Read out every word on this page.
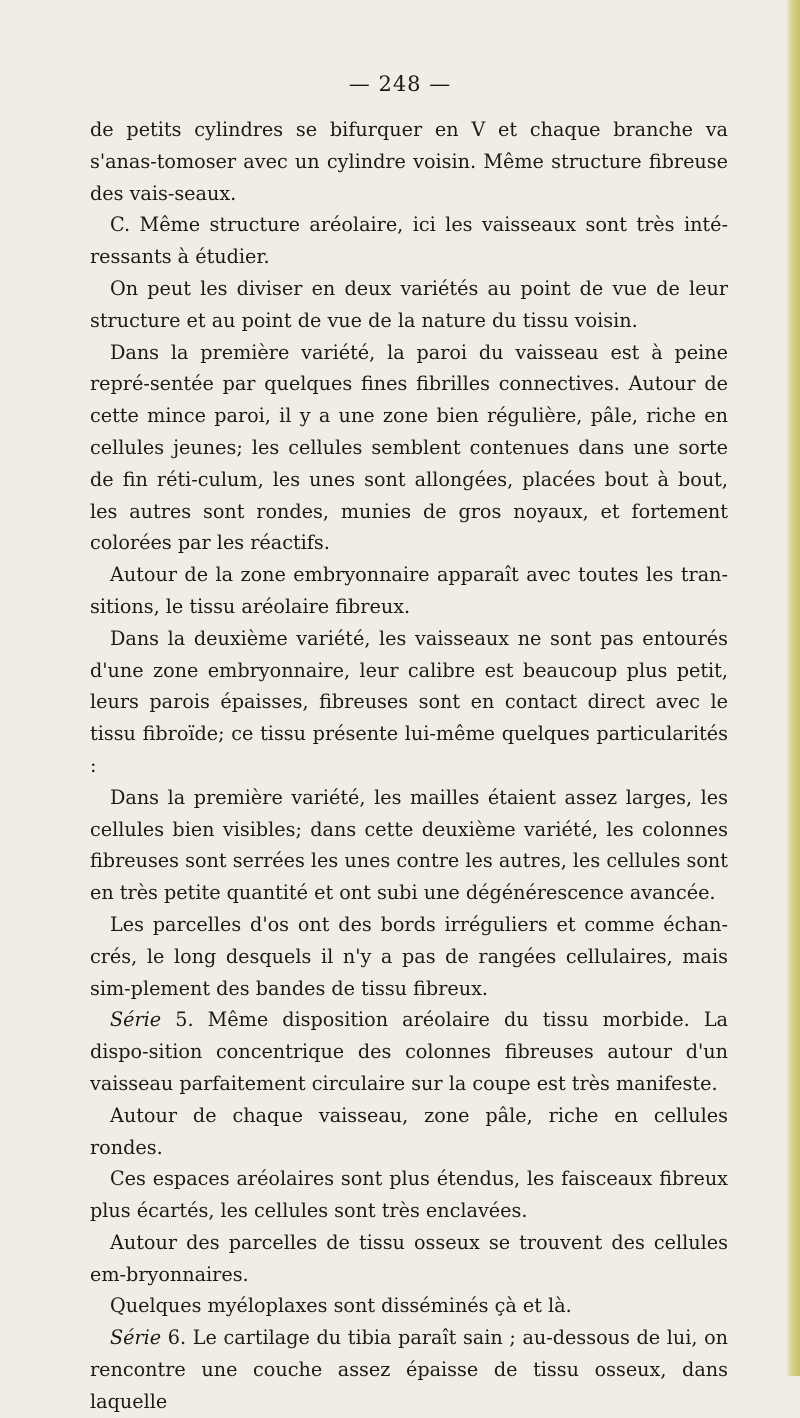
— 248 —

de petits cylindres se bifurquer en V et chaque branche va s'anas-tomoser avec un cylindre voisin. Même structure fibreuse des vais-seaux.

C. Même structure aréolaire, ici les vaisseaux sont très inté-ressants à étudier.

On peut les diviser en deux variétés au point de vue de leur structure et au point de vue de la nature du tissu voisin.

Dans la première variété, la paroi du vaisseau est à peine repré-sentée par quelques fines fibrilles connectives. Autour de cette mince paroi, il y a une zone bien régulière, pâle, riche en cellules jeunes; les cellules semblent contenues dans une sorte de fin réti-culum, les unes sont allongées, placées bout à bout, les autres sont rondes, munies de gros noyaux, et fortement colorées par les réactifs.

Autour de la zone embryonnaire apparaît avec toutes les tran-sitions, le tissu aréolaire fibreux.

Dans la deuxième variété, les vaisseaux ne sont pas entourés d'une zone embryonnaire, leur calibre est beaucoup plus petit, leurs parois épaisses, fibreuses sont en contact direct avec le tissu fibroïde; ce tissu présente lui-même quelques particularités :

Dans la première variété, les mailles étaient assez larges, les cellules bien visibles; dans cette deuxième variété, les colonnes fibreuses sont serrées les unes contre les autres, les cellules sont en très petite quantité et ont subi une dégénérescence avancée.

Les parcelles d'os ont des bords irréguliers et comme échan-crés, le long desquels il n'y a pas de rangées cellulaires, mais sim-plement des bandes de tissu fibreux.

Série 5. Même disposition aréolaire du tissu morbide. La dispo-sition concentrique des colonnes fibreuses autour d'un vaisseau parfaitement circulaire sur la coupe est très manifeste.

Autour de chaque vaisseau, zone pâle, riche en cellules rondes.

Ces espaces aréolaires sont plus étendus, les faisceaux fibreux plus écartés, les cellules sont très enclavées.

Autour des parcelles de tissu osseux se trouvent des cellules em-bryonnaires.

Quelques myéloplaxes sont disséminés çà et là.

Série 6. Le cartilage du tibia paraît sain ; au-dessous de lui, on rencontre une couche assez épaisse de tissu osseux, dans laquelle
